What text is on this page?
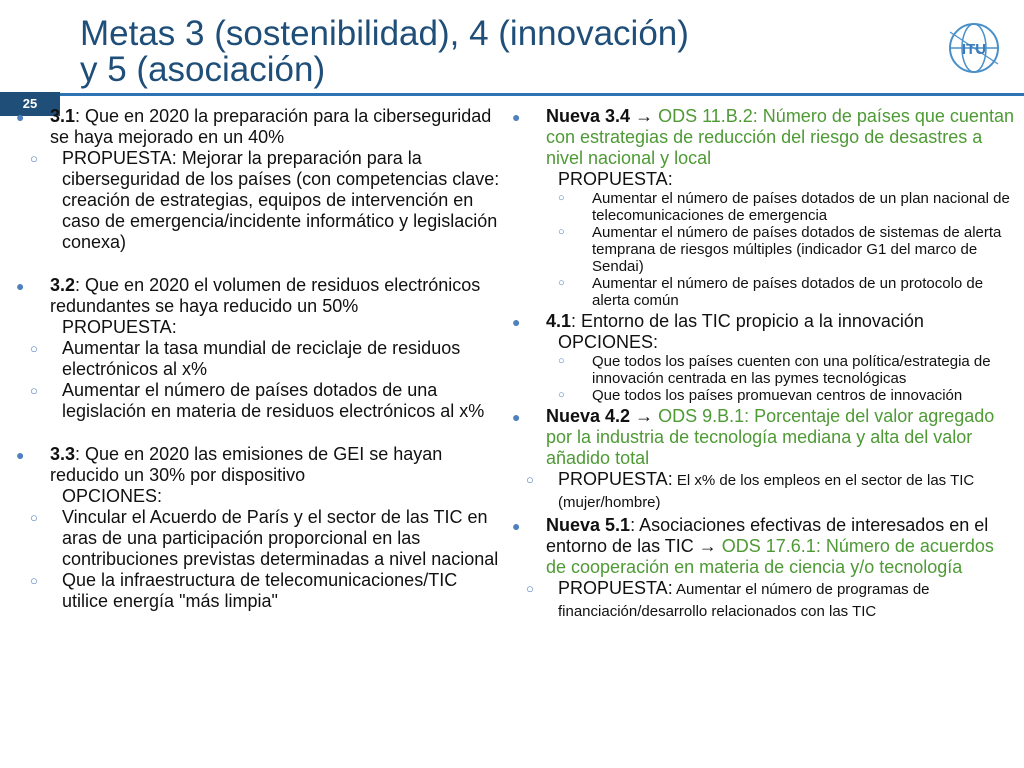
Metas 3 (sostenibilidad), 4 (innovación)
y 5 (asociación)
ITU
25
● 3.1: Que en 2020 la preparación para la ciberseguridad se haya mejorado en un 40%
○ PROPUESTA: Mejorar la preparación para la ciberseguridad de los países (con competencias clave: creación de estrategias, equipos de intervención en caso de emergencia/incidente informático y legislación conexa)
● 3.2: Que en 2020 el volumen de residuos electrónicos redundantes se haya reducido un 50%
PROPUESTA:
○ Aumentar la tasa mundial de reciclaje de residuos electrónicos al x%
○ Aumentar el número de países dotados de una legislación en materia de residuos electrónicos al x%
● 3.3: Que en 2020 las emisiones de GEI se hayan reducido un 30% por dispositivo
OPCIONES:
○ Vincular el Acuerdo de París y el sector de las TIC en aras de una participación proporcional en las contribuciones previstas determinadas a nivel nacional
○ Que la infraestructura de telecomunicaciones/TIC utilice energía "más limpia"
● Nueva 3.4 → ODS 11.B.2: Número de países que cuentan con estrategias de reducción del riesgo de desastres a nivel nacional y local
PROPUESTA:
○ Aumentar el número de países dotados de un plan nacional de telecomunicaciones de emergencia
○ Aumentar el número de países dotados de sistemas de alerta temprana de riesgos múltiples (indicador G1 del marco de Sendai)
○ Aumentar el número de países dotados de un protocolo de alerta común
● 4.1: Entorno de las TIC propicio a la innovación
OPCIONES:
○ Que todos los países cuenten con una política/estrategia de innovación centrada en las pymes tecnológicas
○ Que todos los países promuevan centros de innovación
● Nueva 4.2 → ODS 9.B.1: Porcentaje del valor agregado por la industria de tecnología mediana y alta del valor añadido total
○ PROPUESTA: El x% de los empleos en el sector de las TIC (mujer/hombre)
● Nueva 5.1: Asociaciones efectivas de interesados en el entorno de las TIC → ODS 17.6.1: Número de acuerdos de cooperación en materia de ciencia y/o tecnología
○ PROPUESTA: Aumentar el número de programas de financiación/desarrollo relacionados con las TIC
